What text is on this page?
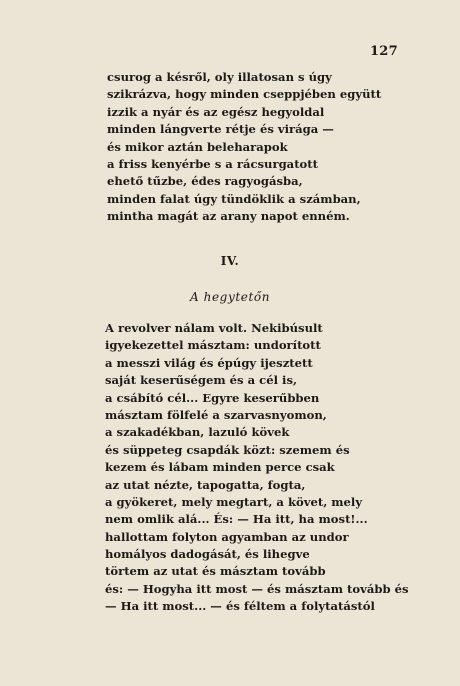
127
csurog a késről, oly illatosan s úgy
szikrázva, hogy minden cseppjében együtt
izzik a nyár és az egész hegyoldal
minden lángverte rétje és virága —
és mikor aztán beleharapok
a friss kenyérbe s a rácsurgatott
ehető tűzbe, édes ragyogásba,
minden falat úgy tündöklik a számban,
mintha magát az arany napot enném.
IV.
A hegytetőn
A revolver nálam volt. Nekibúsult
igyekezettel másztam: undorított
a messzi világ és épúgy ijesztett
saját keserűségem és a cél is,
a csábító cél... Egyre keserűbben
másztam fölfelé a szarvasnyomon,
a szakadékban, lazuló kövek
és süppeteg csapdák közt: szemem és
kezem és lábam minden perce csak
az utat nézte, tapogatta, fogta,
a gyökeret, mely megtart, a követ, mely
nem omlik alá... És: — Ha itt, ha most!...
hallottam folyton agyamban az undor
homályos dadogását, és lihegve
törtem az utat és másztam tovább
és: — Hogyha itt most — és másztam tovább és
— Ha itt most... — és féltem a folytatástól
